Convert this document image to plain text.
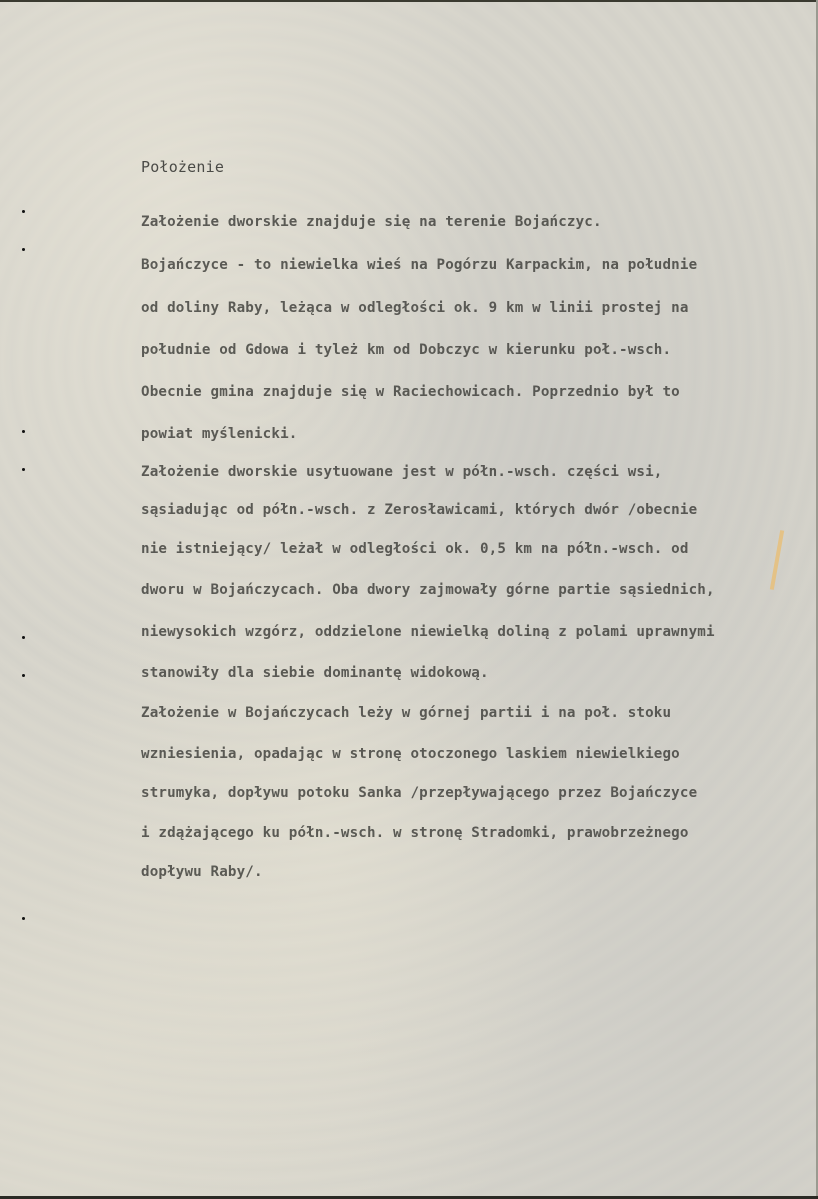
Położenie
Założenie dworskie znajduje się na terenie Bojańczyc.
Bojańczyce - to niewielka wieś na Pogórzu Karpackim, na południe
od doliny Raby, leżąca w odległości ok. 9 km w linii prostej na
południe od Gdowa i tyleż km od Dobczyc w kierunku poł.-wsch.
Obecnie gmina znajduje się w Raciechowicach. Poprzednio był to
powiat myślenicki.
Założenie dworskie usytuowane jest w półn.-wsch. części wsi,
sąsiadując od półn.-wsch. z Zerosławicami, których dwór /obecnie
nie istniejący/ leżał w odległości ok. 0,5 km na półn.-wsch. od
dworu w Bojańczycach. Oba dwory zajmowały górne partie sąsiednich,
niewysokich wzgórz, oddzielone niewielką doliną z polami uprawnymi
stanowiły dla siebie dominantę widokową.
Założenie w Bojańczycach leży w górnej partii i na poł. stoku
wzniesienia, opadając w stronę otoczonego laskiem niewielkiego
strumyka, dopływu potoku Sanka /przepływającego przez Bojańczyce
i zdążającego ku półn.-wsch. w stronę Stradomki, prawobrzeżnego
dopływu Raby/.
